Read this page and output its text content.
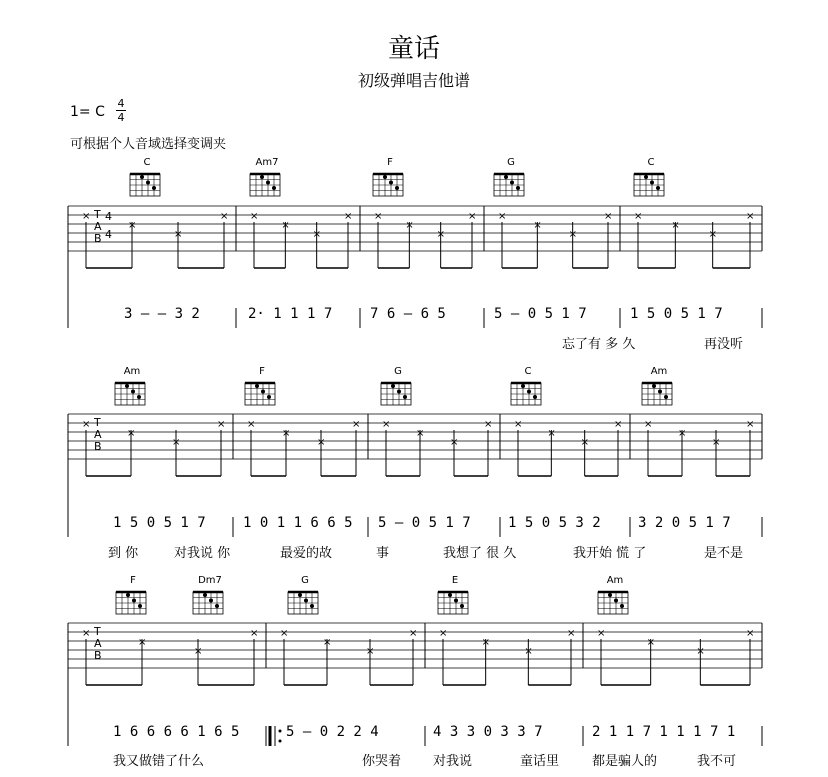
童话
初级弹唱吉他谱
1= C
4
4
可根据个人音域选择变调夹
T
A
B
4
4
×
×
×
× ×
×
×
× ×
×
×
× ×
×
×
× ×
×
×
×
T
A
B
×
×
×
× ×
×
×
× ×
×
×
× ×
×
×
× ×
×
×
×
T
A
B
×
×
×
× ×
×
×
× ×
×
×
× ×
×
×
×
C	Am7	F	G	C
Am	F	G	C	Am
F	Dm7	G	E	Am
3 — — 3 2	2· 1 1 1 7	7 6 — 6 5	5 — 0 5 1 7	1 5 0 5 1 7
忘了有 多 久	再没听
1 5 0 5 1 7	1 0 1 1 6 6 5 5 — 0 5 1 7	1 5 0 5 3 2	3 2 0 5 1 7
到 你	对我说 你	最爱的故	事	我想了 很 久	我开始 慌 了	是不是
1 6 6 6 6 1 6 5	5 — 0 2 2 4	4 3 3 0 3 3 7	2 1 1 7 1 1 1 7 1
我又做错了什么	你哭着 对我说	童话里	都是骗人的	我不可
